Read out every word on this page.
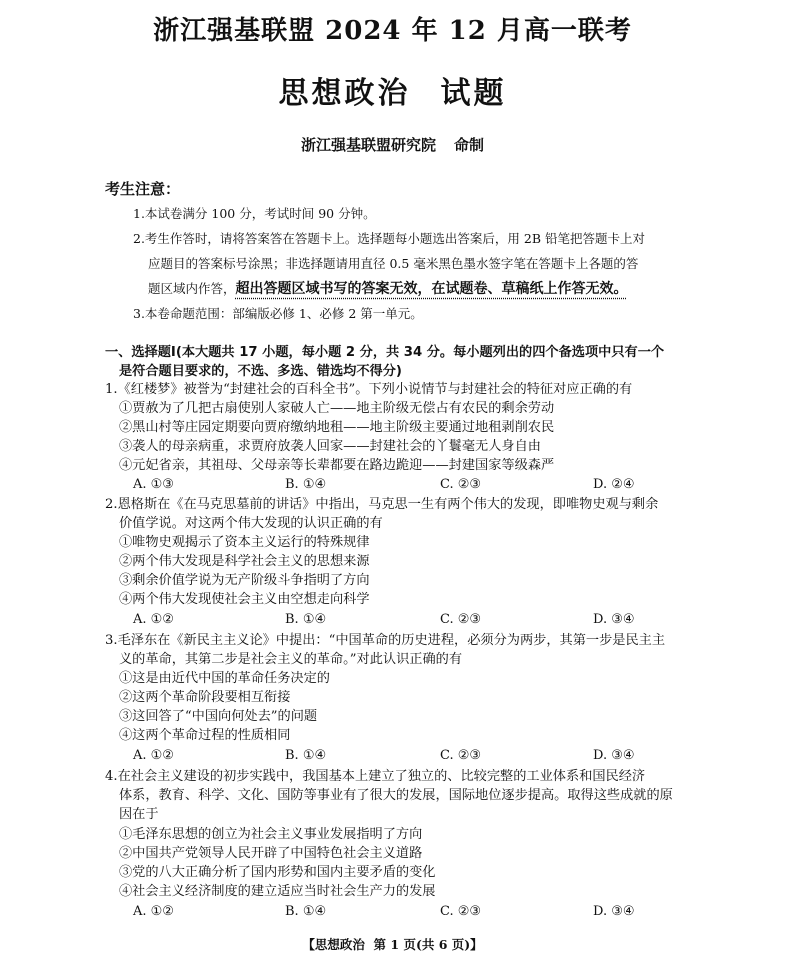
浙江强基联盟 2024 年 12 月高一联考
思想政治 试题
浙江强基联盟研究院 命制
考生注意：
1.本试卷满分 100 分，考试时间 90 分钟。
2.考生作答时，请将答案答在答题卡上。选择题每小题选出答案后，用 2B 铅笔把答题卡上对
应题目的答案标号涂黑；非选择题请用直径 0.5 毫米黑色墨水签字笔在答题卡上各题的答
题区域内作答，超出答题区域书写的答案无效，在试题卷、草稿纸上作答无效。
3.本卷命题范围：部编版必修 1、必修 2 第一单元。
一、选择题Ⅰ(本大题共 17 小题，每小题 2 分，共 34 分。每小题列出的四个备选项中只有一个
是符合题目要求的，不选、多选、错选均不得分)
1.《红楼梦》被誉为“封建社会的百科全书”。下列小说情节与封建社会的特征对应正确的有
①贾赦为了几把古扇使别人家破人亡——地主阶级无偿占有农民的剩余劳动
②黑山村等庄园定期要向贾府缴纳地租——地主阶级主要通过地租剥削农民
③袭人的母亲病重，求贾府放袭人回家——封建社会的丫鬟毫无人身自由
④元妃省亲，其祖母、父母亲等长辈都要在路边跪迎——封建国家等级森严
A. ①③	B. ①④	C. ②③	D. ②④
2.恩格斯在《在马克思墓前的讲话》中指出，马克思一生有两个伟大的发现，即唯物史观与剩余
价值学说。对这两个伟大发现的认识正确的有
①唯物史观揭示了资本主义运行的特殊规律
②两个伟大发现是科学社会主义的思想来源
③剩余价值学说为无产阶级斗争指明了方向
④两个伟大发现使社会主义由空想走向科学
A. ①②	B. ①④	C. ②③	D. ③④
3.毛泽东在《新民主主义论》中提出：“中国革命的历史进程，必须分为两步，其第一步是民主主
义的革命，其第二步是社会主义的革命。”对此认识正确的有
①这是由近代中国的革命任务决定的
②这两个革命阶段要相互衔接
③这回答了“中国向何处去”的问题
④这两个革命过程的性质相同
A. ①②	B. ①④	C. ②③	D. ③④
4.在社会主义建设的初步实践中，我国基本上建立了独立的、比较完整的工业体系和国民经济
体系，教育、科学、文化、国防等事业有了很大的发展，国际地位逐步提高。取得这些成就的原
因在于
①毛泽东思想的创立为社会主义事业发展指明了方向
②中国共产党领导人民开辟了中国特色社会主义道路
③党的八大正确分析了国内形势和国内主要矛盾的变化
④社会主义经济制度的建立适应当时社会生产力的发展
A. ①②	B. ①④	C. ②③	D. ③④
【思想政治 第 1 页(共 6 页)】
